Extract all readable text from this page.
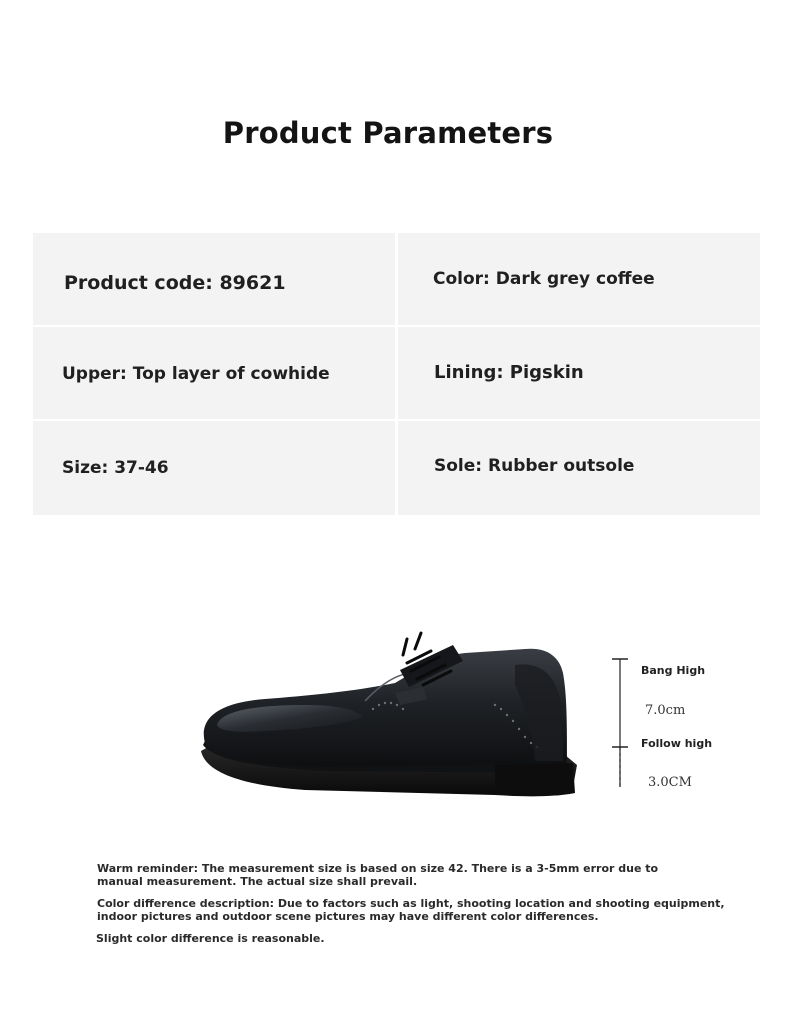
Product Parameters
Product code: 89621	Color: Dark grey coffee
Upper: Top layer of cowhide	Lining: Pigskin
Size: 37-46	Sole: Rubber outsole
Bang High
7.0cm
Follow high
3.0CM

Warm reminder: The measurement size is based on size 42. There is a 3-5mm error due to manual measurement. The actual size shall prevail.

Color difference description: Due to factors such as light, shooting location and shooting equipment, indoor pictures and outdoor scene pictures may have different color differences.

Slight color difference is reasonable.
